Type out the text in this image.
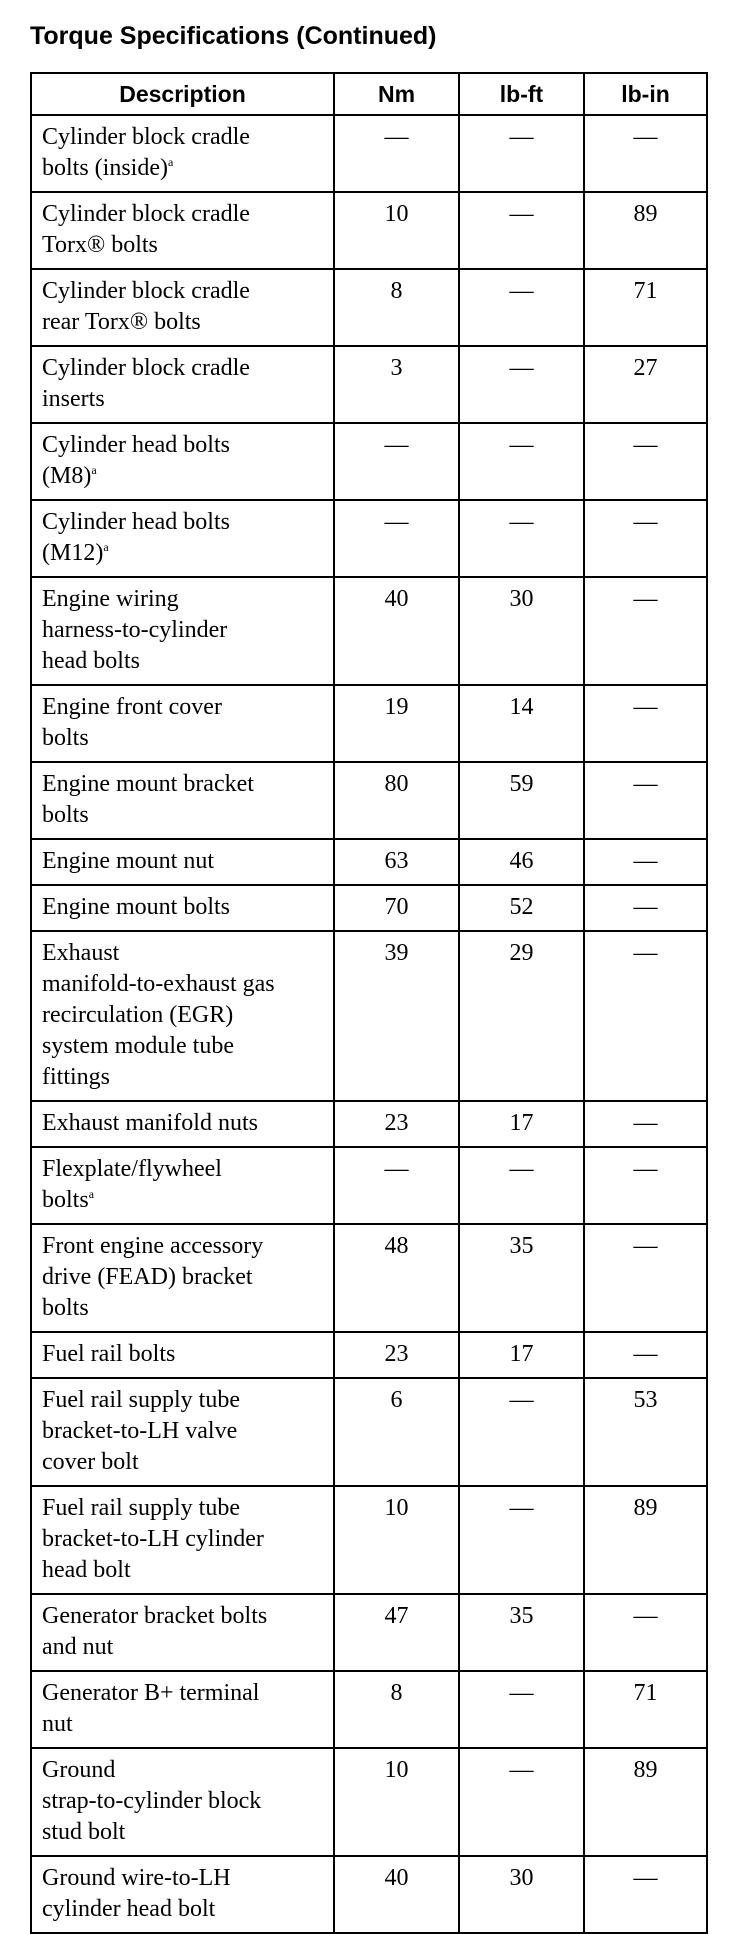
Torque Specifications (Continued)
Description	Nm	lb-ft	lb-in

Cylinder block cradle
bolts (inside)$^a$	—	—	—

Cylinder block cradle
Torx® bolts	10	—	89

Cylinder block cradle
rear Torx® bolts	8	—	71

Cylinder block cradle
inserts	3	—	27

Cylinder head bolts
(M8)$^a$	—	—	—

Cylinder head bolts
(M12)$^a$	—	—	—

Engine wiring
harness-to-cylinder
head bolts	40	30	—

Engine front cover
bolts	19	14	—

Engine mount bracket
bolts	80	59	—

Engine mount nut	63	46	—

Engine mount bolts	70	52	—

Exhaust
manifold-to-exhaust gas
recirculation (EGR)
system module tube
fittings	39	29	—

Exhaust manifold nuts	23	17	—

Flexplate/flywheel
bolts$^a$	—	—	—

Front engine accessory
drive (FEAD) bracket
bolts	48	35	—

Fuel rail bolts	23	17	—

Fuel rail supply tube
bracket-to-LH valve
cover bolt	6	—	53

Fuel rail supply tube
bracket-to-LH cylinder
head bolt	10	—	89

Generator bracket bolts
and nut	47	35	—

Generator B+ terminal
nut	8	—	71

Ground
strap-to-cylinder block
stud bolt	10	—	89

Ground wire-to-LH
cylinder head bolt	40	30	—
